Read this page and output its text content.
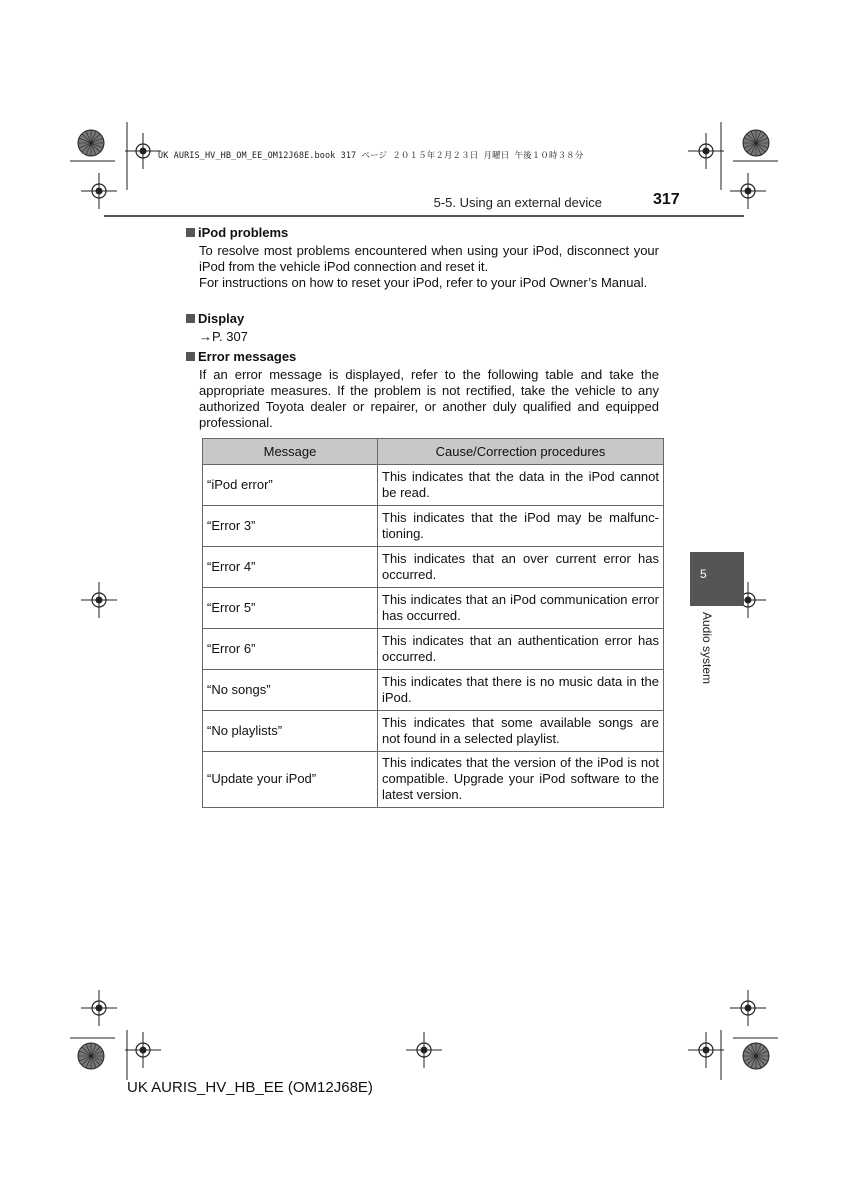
UK AURIS_HV_HB_OM_EE_OM12J68E.book 317 ページ ２０１５年２月２３日 月曜日 午後１０時３８分
5-5. Using an external device	317
iPod problems
To resolve most problems encountered when using your iPod, disconnect your iPod from the vehicle iPod connection and reset it.
For instructions on how to reset your iPod, refer to your iPod Owner’s Manual.
Display
→P. 307
Error messages
If an error message is displayed, refer to the following table and take the appropriate measures. If the problem is not rectified, take the vehicle to any authorized Toyota dealer or repairer, or another duly qualified and equipped professional.
Message	Cause/Correction procedures
“iPod error”	This indicates that the data in the iPod cannot be read.
“Error 3”	This indicates that the iPod may be malfunctioning.
“Error 4”	This indicates that an over current error has occurred.
“Error 5”	This indicates that an iPod communication error has occurred.
“Error 6”	This indicates that an authentication error has occurred.
“No songs”	This indicates that there is no music data in the iPod.
“No playlists”	This indicates that some available songs are not found in a selected playlist.
“Update your iPod”	This indicates that the version of the iPod is not compatible. Upgrade your iPod software to the latest version.
5
Audio system
UK AURIS_HV_HB_EE (OM12J68E)
